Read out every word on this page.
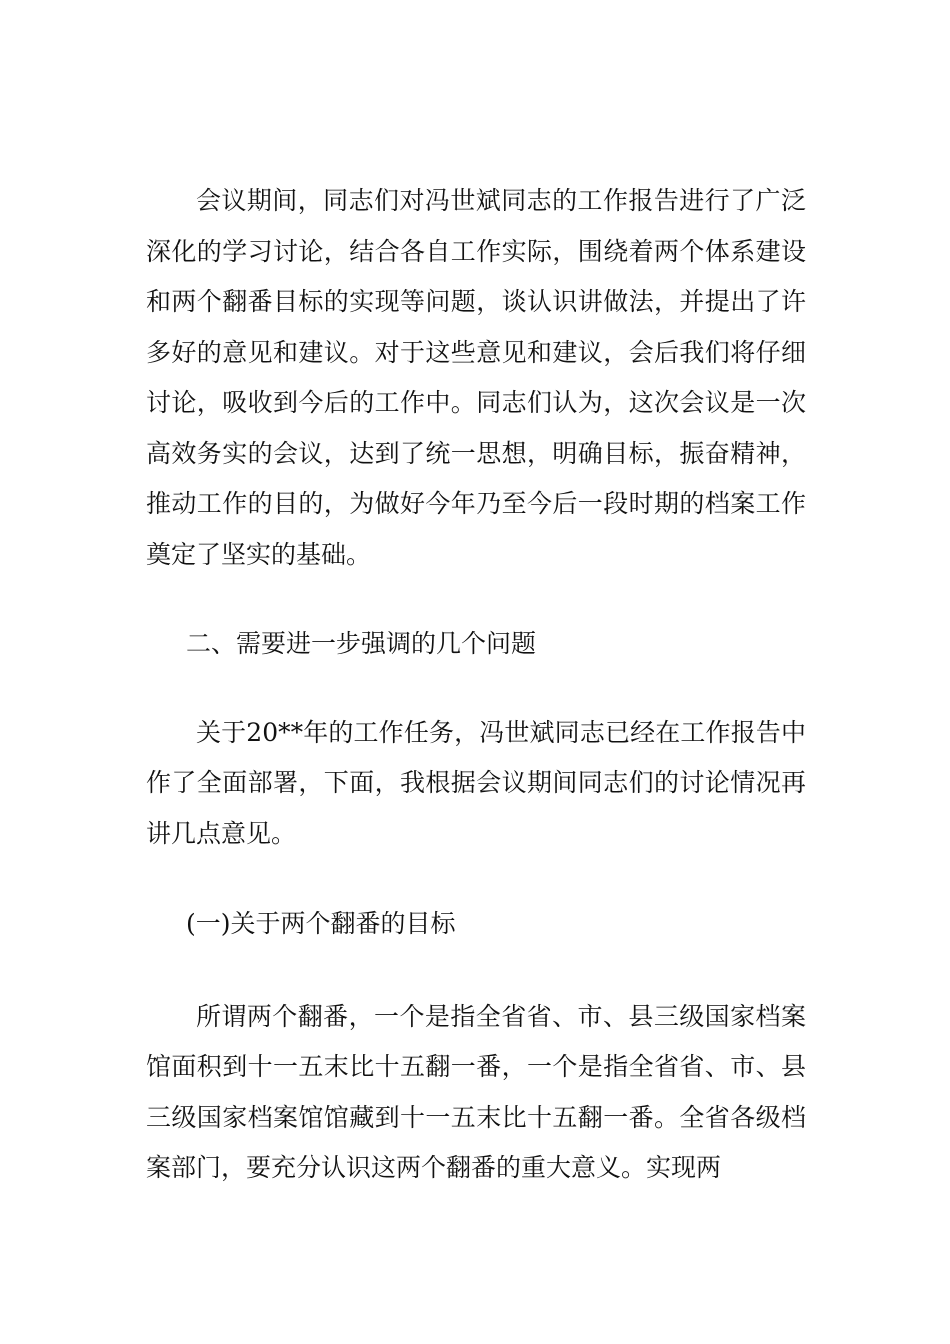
会议期间，同志们对冯世斌同志的工作报告进行了广泛深化的学习讨论，结合各自工作实际，围绕着两个体系建设和两个翻番目标的实现等问题，谈认识讲做法，并提出了许多好的意见和建议。对于这些意见和建议，会后我们将仔细讨论，吸收到今后的工作中。同志们认为，这次会议是一次高效务实的会议，达到了统一思想，明确目标，振奋精神，推动工作的目的，为做好今年乃至今后一段时期的档案工作奠定了坚实的基础。

二、需要进一步强调的几个问题

关于20**年的工作任务，冯世斌同志已经在工作报告中作了全面部署，下面，我根据会议期间同志们的讨论情况再讲几点意见。

(一)关于两个翻番的目标

所谓两个翻番，一个是指全省省、市、县三级国家档案馆面积到十一五末比十五翻一番，一个是指全省省、市、县三级国家档案馆馆藏到十一五末比十五翻一番。全省各级档案部门，要充分认识这两个翻番的重大意义。实现两
